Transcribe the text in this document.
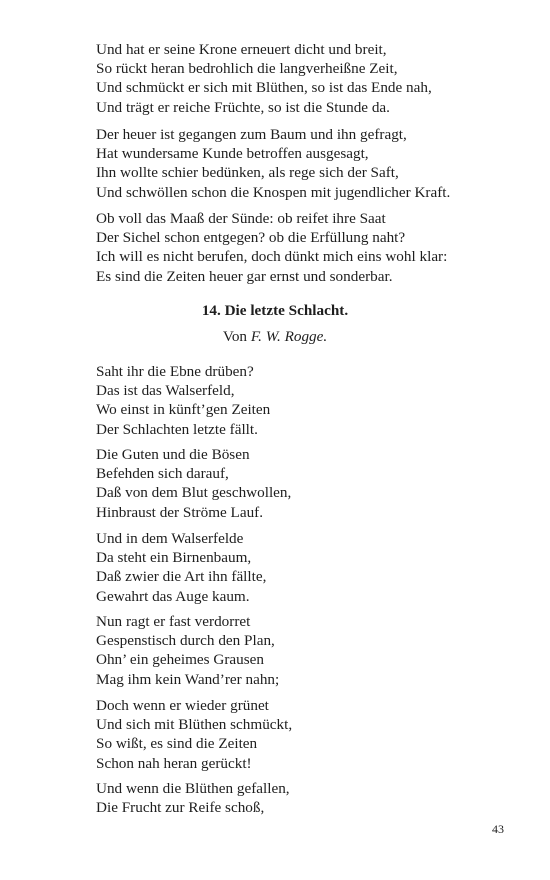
Und hat er seine Krone erneuert dicht und breit,
So rückt heran bedrohlich die langverheißne Zeit,
Und schmückt er sich mit Blüthen, so ist das Ende nah,
Und trägt er reiche Früchte, so ist die Stunde da.
Der heuer ist gegangen zum Baum und ihn gefragt,
Hat wundersame Kunde betroffen ausgesagt,
Ihn wollte schier bedünken, als rege sich der Saft,
Und schwöllen schon die Knospen mit jugendlicher Kraft.
Ob voll das Maaß der Sünde: ob reifet ihre Saat
Der Sichel schon entgegen? ob die Erfüllung naht?
Ich will es nicht berufen, doch dünkt mich eins wohl klar:
Es sind die Zeiten heuer gar ernst und sonderbar.
14. Die letzte Schlacht.
Von F. W. Rogge.
Saht ihr die Ebne drüben?
Das ist das Walserfeld,
Wo einst in künft’gen Zeiten
Der Schlachten letzte fällt.
Die Guten und die Bösen
Befehden sich darauf,
Daß von dem Blut geschwollen,
Hinbraust der Ströme Lauf.
Und in dem Walserfelde
Da steht ein Birnenbaum,
Daß zwier die Art ihn fällte,
Gewahrt das Auge kaum.
Nun ragt er fast verdorret
Gespenstisch durch den Plan,
Ohn’ ein geheimes Grausen
Mag ihm kein Wand’rer nahn;
Doch wenn er wieder grünet
Und sich mit Blüthen schmückt,
So wißt, es sind die Zeiten
Schon nah heran gerückt!
Und wenn die Blüthen gefallen,
Die Frucht zur Reife schoß,
43
